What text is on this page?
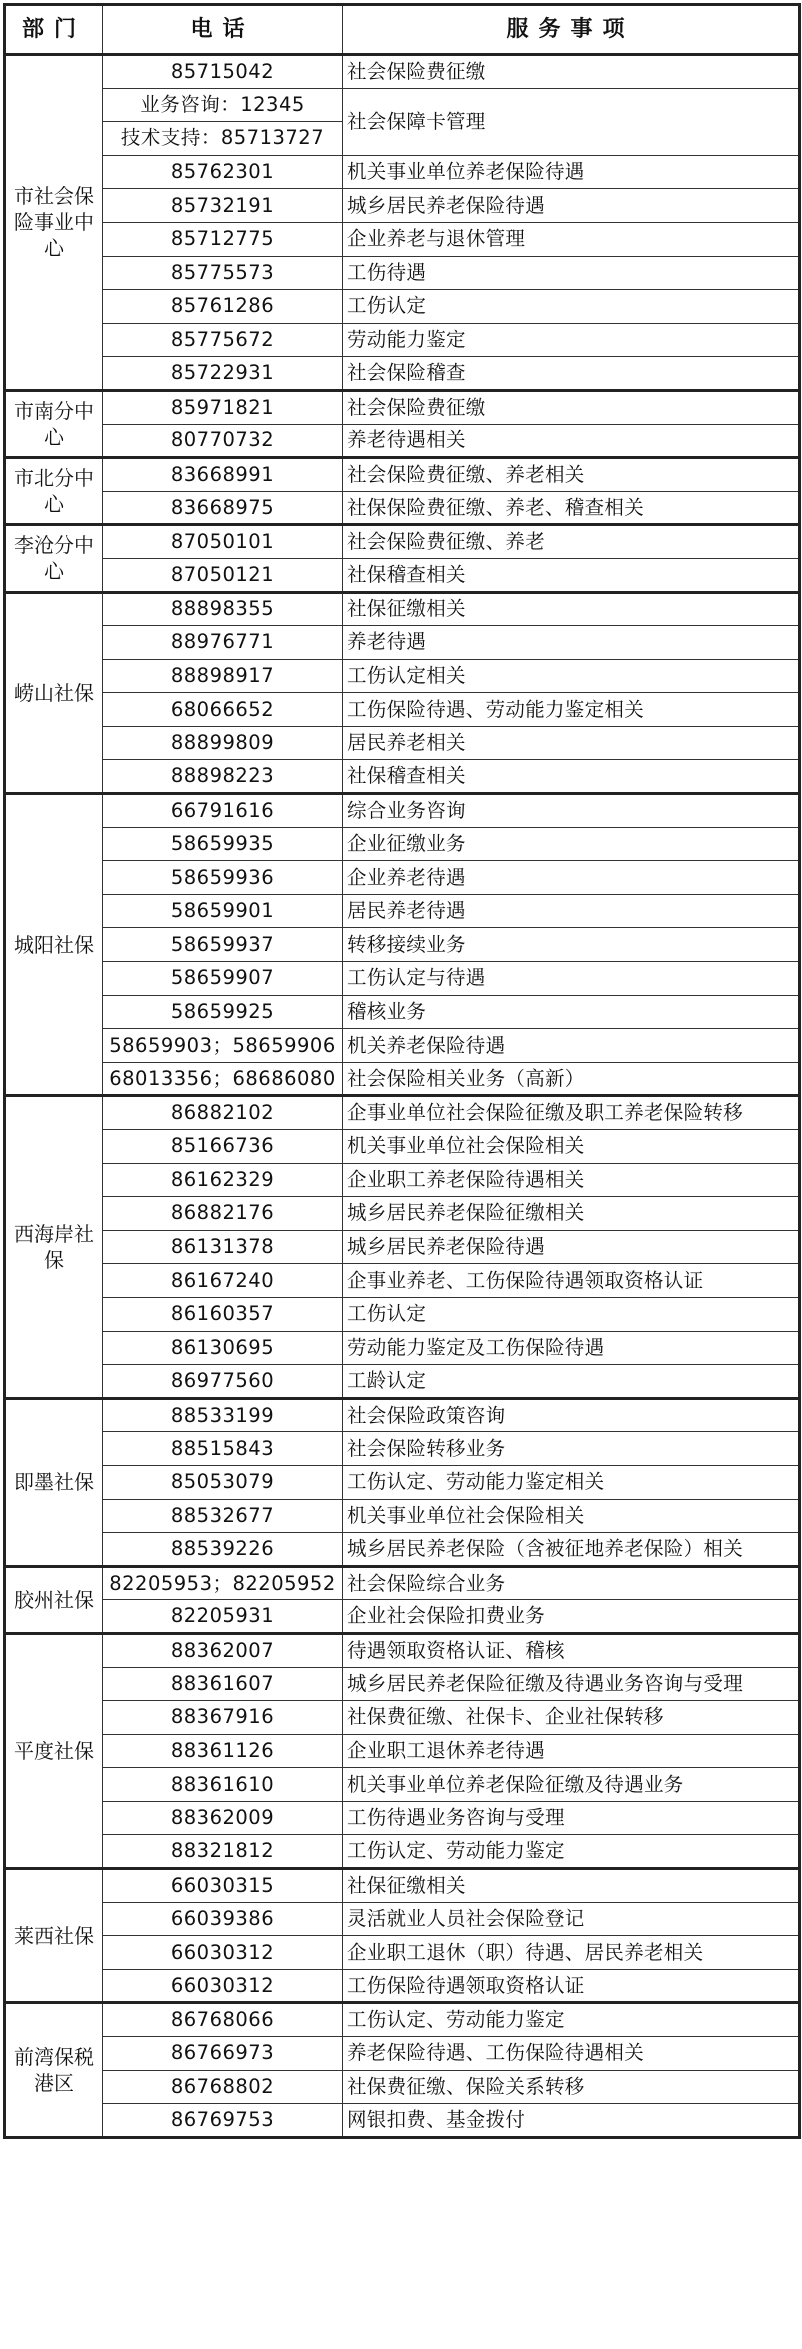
部门	电话	服务事项
市社会保险事业中心	85715042	社会保险费征缴
	业务咨询：12345	社会保障卡管理
	技术支持：85713727	
	85762301	机关事业单位养老保险待遇
	85732191	城乡居民养老保险待遇
	85712775	企业养老与退休管理
	85775573	工伤待遇
	85761286	工伤认定
	85775672	劳动能力鉴定
	85722931	社会保险稽查
市南分中心	85971821	社会保险费征缴
	80770732	养老待遇相关
市北分中心	83668991	社会保险费征缴、养老相关
	83668975	社保保险费征缴、养老、稽查相关
李沧分中心	87050101	社会保险费征缴、养老
	87050121	社保稽查相关
崂山社保	88898355	社保征缴相关
	88976771	养老待遇
	88898917	工伤认定相关
	68066652	工伤保险待遇、劳动能力鉴定相关
	88899809	居民养老相关
	88898223	社保稽查相关
城阳社保	66791616	综合业务咨询
	58659935	企业征缴业务
	58659936	企业养老待遇
	58659901	居民养老待遇
	58659937	转移接续业务
	58659907	工伤认定与待遇
	58659925	稽核业务
	58659903；58659906	机关养老保险待遇
	68013356；68686080	社会保险相关业务（高新）
西海岸社保	86882102	企事业单位社会保险征缴及职工养老保险转移
	85166736	机关事业单位社会保险相关
	86162329	企业职工养老保险待遇相关
	86882176	城乡居民养老保险征缴相关
	86131378	城乡居民养老保险待遇
	86167240	企事业养老、工伤保险待遇领取资格认证
	86160357	工伤认定
	86130695	劳动能力鉴定及工伤保险待遇
	86977560	工龄认定
即墨社保	88533199	社会保险政策咨询
	88515843	社会保险转移业务
	85053079	工伤认定、劳动能力鉴定相关
	88532677	机关事业单位社会保险相关
	88539226	城乡居民养老保险（含被征地养老保险）相关
胶州社保	82205953；82205952	社会保险综合业务
	82205931	企业社会保险扣费业务
平度社保	88362007	待遇领取资格认证、稽核
	88361607	城乡居民养老保险征缴及待遇业务咨询与受理
	88367916	社保费征缴、社保卡、企业社保转移
	88361126	企业职工退休养老待遇
	88361610	机关事业单位养老保险征缴及待遇业务
	88362009	工伤待遇业务咨询与受理
	88321812	工伤认定、劳动能力鉴定
莱西社保	66030315	社保征缴相关
	66039386	灵活就业人员社会保险登记
	66030312	企业职工退休（职）待遇、居民养老相关
	66030312	工伤保险待遇领取资格认证
前湾保税港区	86768066	工伤认定、劳动能力鉴定
	86766973	养老保险待遇、工伤保险待遇相关
	86768802	社保费征缴、保险关系转移
	86769753	网银扣费、基金拨付
